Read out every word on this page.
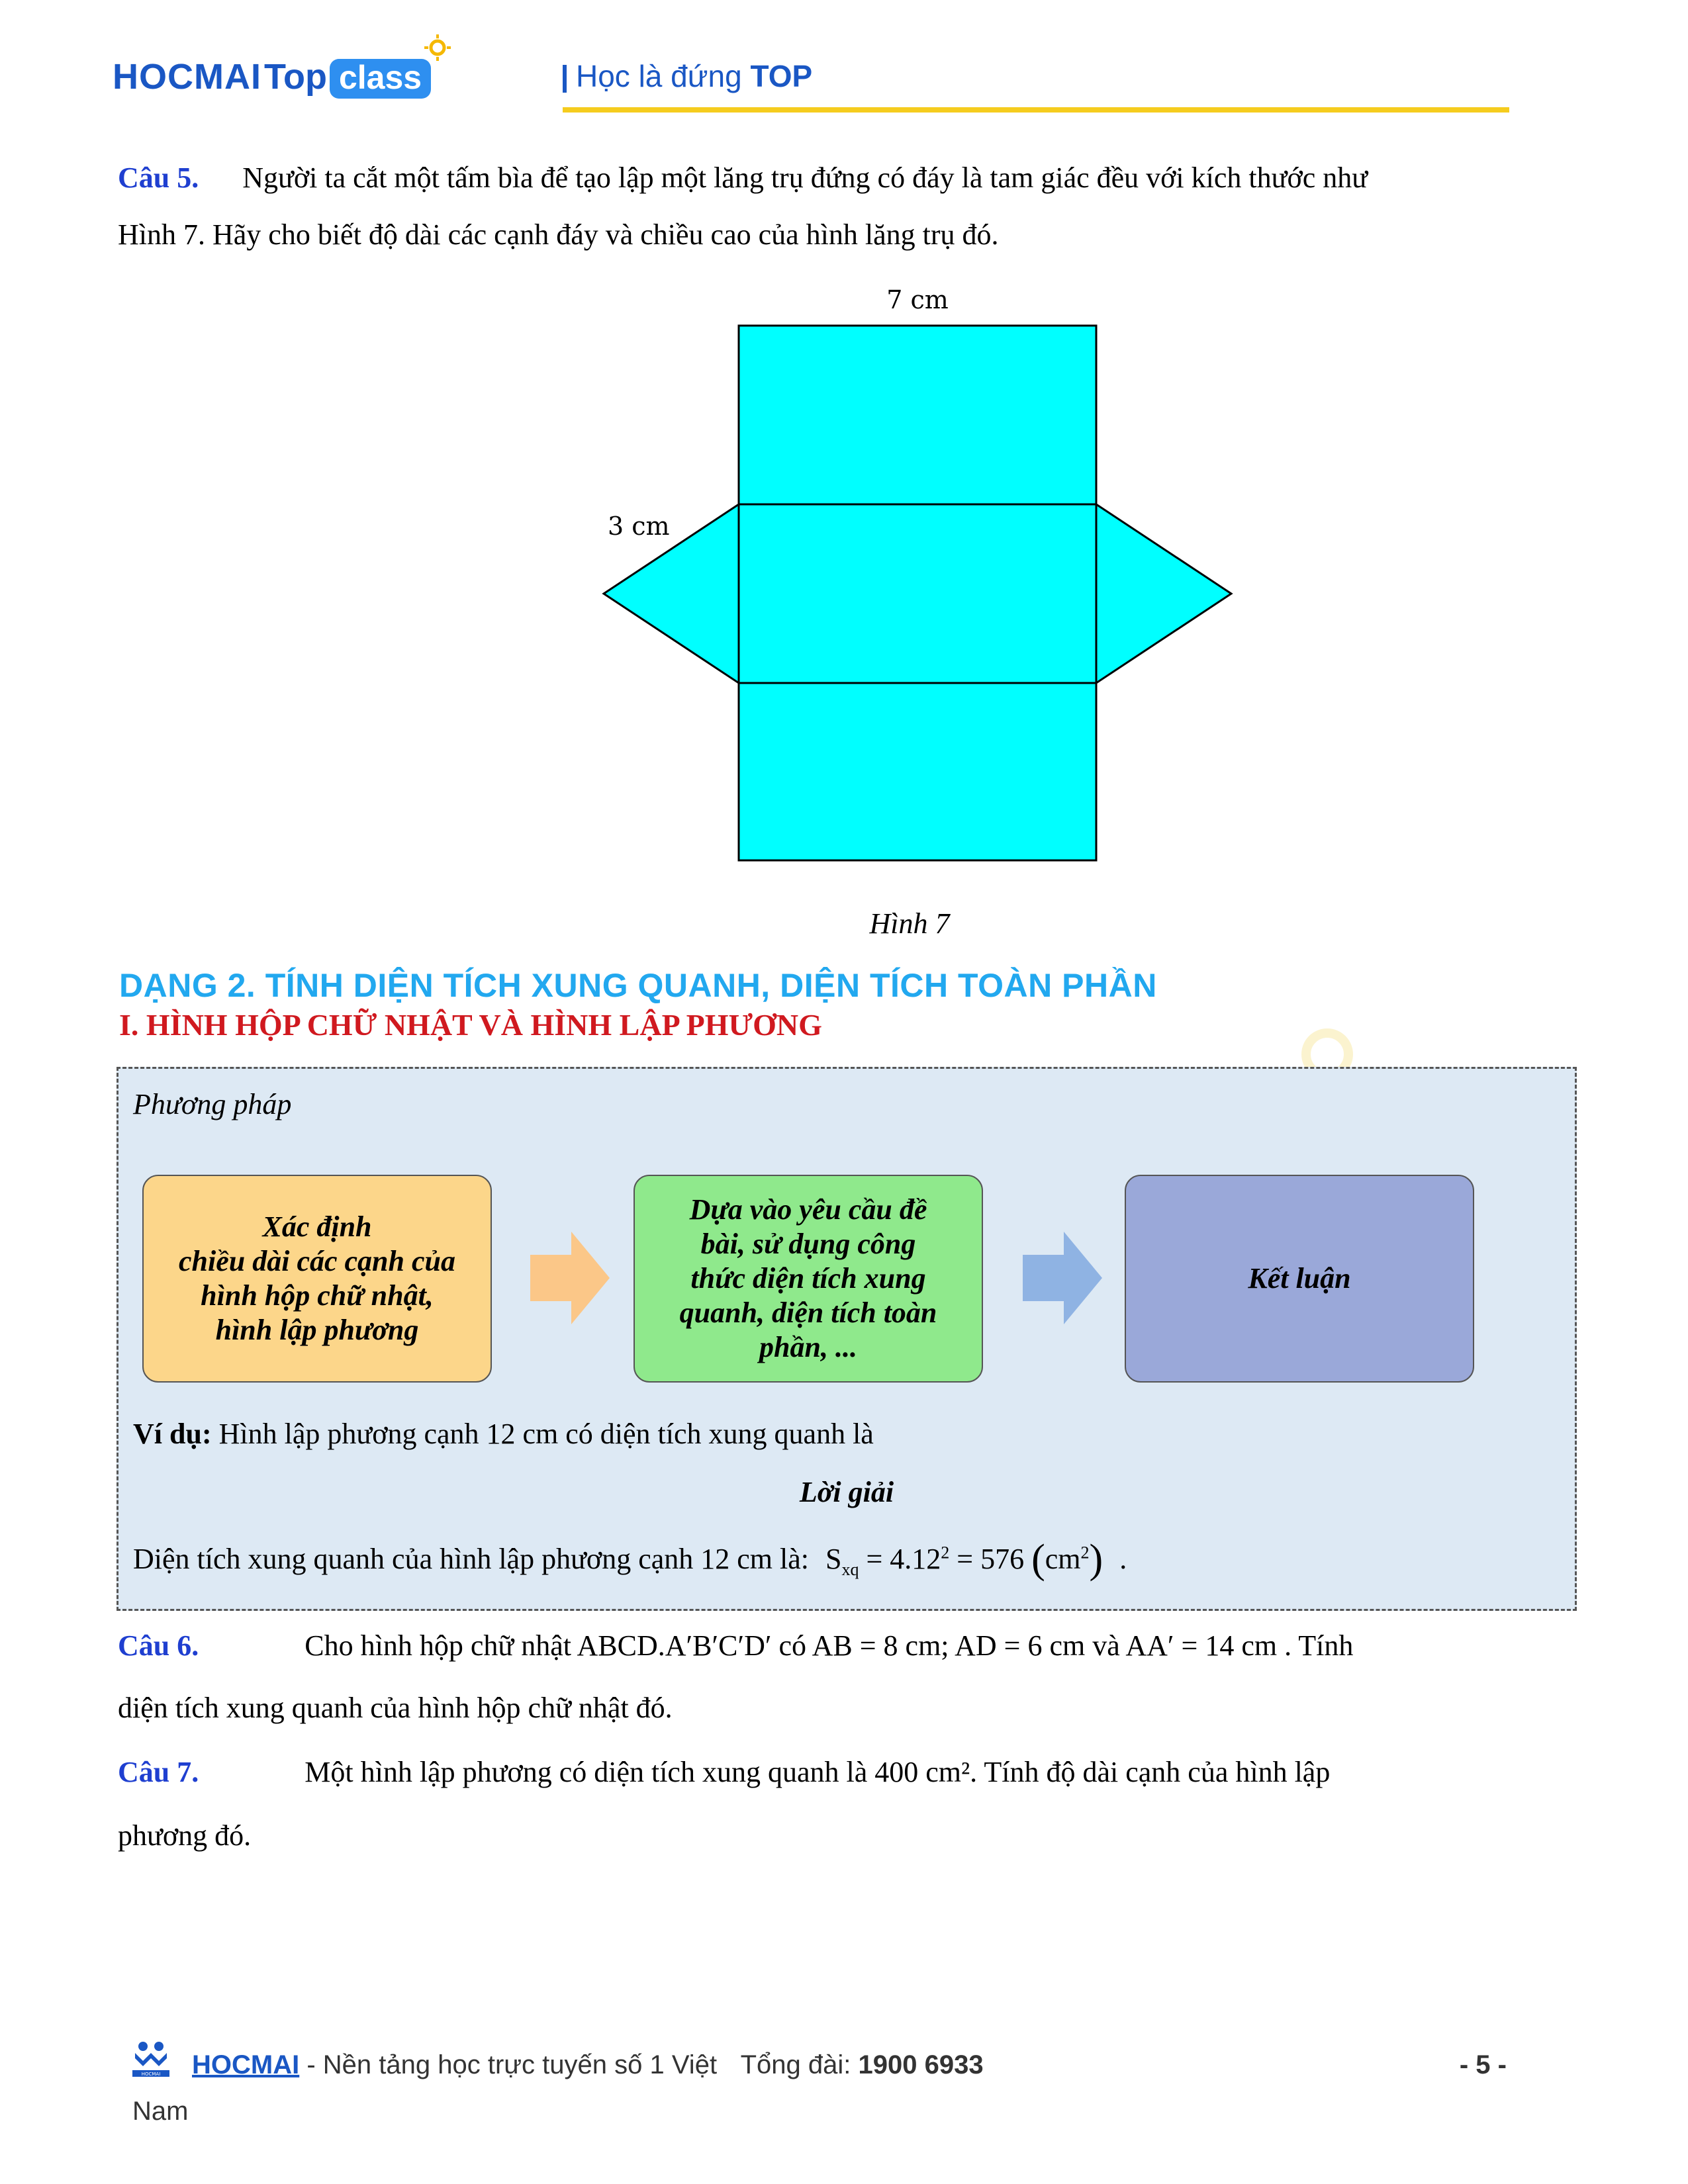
HOCMAI Top class	Học là đứng TOP
Câu 5. Người ta cắt một tấm bìa để tạo lập một lăng trụ đứng có đáy là tam giác đều với kích thước như
Hình 7. Hãy cho biết độ dài các cạnh đáy và chiều cao của hình lăng trụ đó.
7 cm
3 cm
Hình 7
DẠNG 2. TÍNH DIỆN TÍCH XUNG QUANH, DIỆN TÍCH TOÀN PHẦN
I. HÌNH HỘP CHỮ NHẬT VÀ HÌNH LẬP PHƯƠNG
Phương pháp
Xác định
chiều dài các cạnh của
hình hộp chữ nhật,
hình lập phương
Dựa vào yêu cầu đề
bài, sử dụng công
thức diện tích xung
quanh, diện tích toàn
phần, ...
Kết luận
Ví dụ: Hình lập phương cạnh 12 cm có diện tích xung quanh là
Lời giải
Diện tích xung quanh của hình lập phương cạnh 12 cm là: $S_{xq} = 4.12^2 = 576$ $(cm^2)$ .
Câu 6.	Cho hình hộp chữ nhật ABCD.A′B′C′D′ có AB = 8 cm; AD = 6 cm và AA′ = 14 cm . Tính
diện tích xung quanh của hình hộp chữ nhật đó.
Câu 7.	Một hình lập phương có diện tích xung quanh là 400 cm². Tính độ dài cạnh của hình lập
phương đó.
HOCMAI HOCMAI - Nền tảng học trực tuyến số 1 Việt Tổng đài: 1900 6933	- 5 -
Nam
